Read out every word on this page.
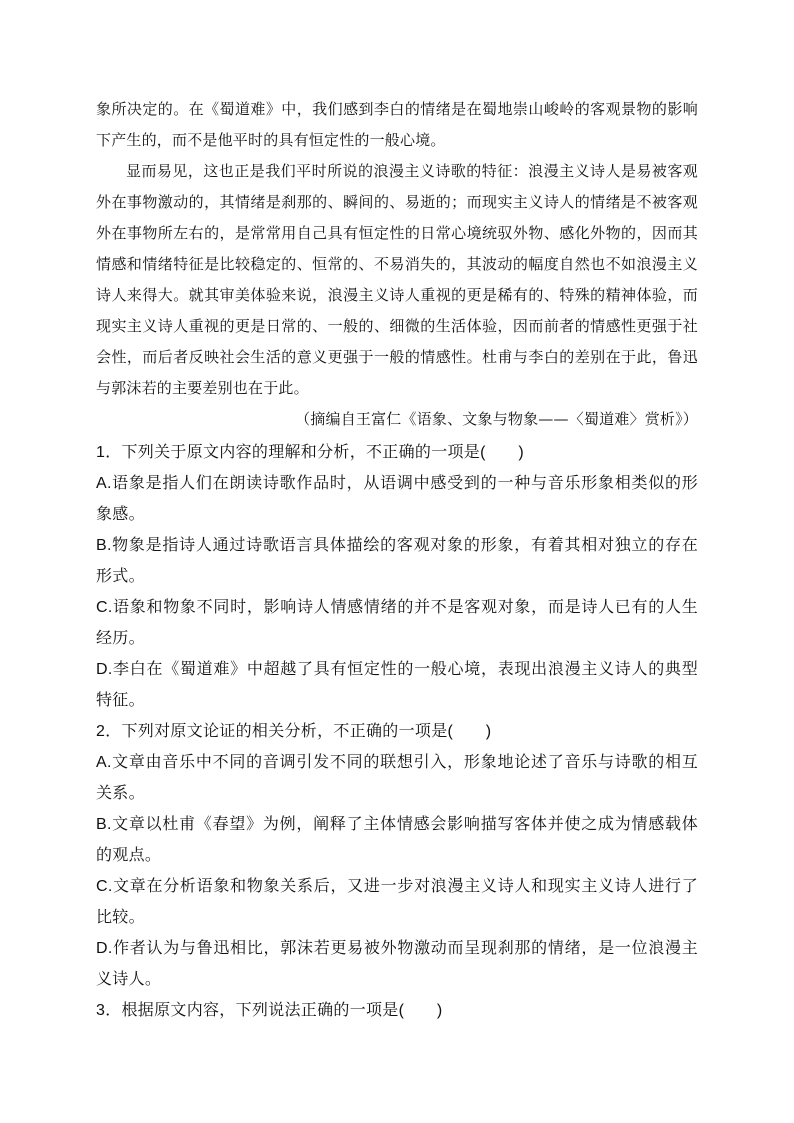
象所决定的。在《蜀道难》中，我们感到李白的情绪是在蜀地崇山峻岭的客观景物的影响下产生的，而不是他平时的具有恒定性的一般心境。

显而易见，这也正是我们平时所说的浪漫主义诗歌的特征：浪漫主义诗人是易被客观外在事物激动的，其情绪是刹那的、瞬间的、易逝的；而现实主义诗人的情绪是不被客观外在事物所左右的，是常常用自己具有恒定性的日常心境统驭外物、感化外物的，因而其情感和情绪特征是比较稳定的、恒常的、不易消失的，其波动的幅度自然也不如浪漫主义诗人来得大。就其审美体验来说，浪漫主义诗人重视的更是稀有的、特殊的精神体验，而现实主义诗人重视的更是日常的、一般的、细微的生活体验，因而前者的情感性更强于社会性，而后者反映社会生活的意义更强于一般的情感性。杜甫与李白的差别在于此，鲁迅与郭沫若的主要差别也在于此。

（摘编自王富仁《语象、文象与物象——〈蜀道难〉赏析》）

1．下列关于原文内容的理解和分析，不正确的一项是(　　)

A.语象是指人们在朗读诗歌作品时，从语调中感受到的一种与音乐形象相类似的形象感。

B.物象是指诗人通过诗歌语言具体描绘的客观对象的形象，有着其相对独立的存在形式。

C.语象和物象不同时，影响诗人情感情绪的并不是客观对象，而是诗人已有的人生经历。

D.李白在《蜀道难》中超越了具有恒定性的一般心境，表现出浪漫主义诗人的典型特征。

2．下列对原文论证的相关分析，不正确的一项是(　　)

A.文章由音乐中不同的音调引发不同的联想引入，形象地论述了音乐与诗歌的相互关系。

B.文章以杜甫《春望》为例，阐释了主体情感会影响描写客体并使之成为情感载体的观点。

C.文章在分析语象和物象关系后，又进一步对浪漫主义诗人和现实主义诗人进行了比较。

D.作者认为与鲁迅相比，郭沫若更易被外物激动而呈现刹那的情绪，是一位浪漫主义诗人。

3．根据原文内容，下列说法正确的一项是(　　)
